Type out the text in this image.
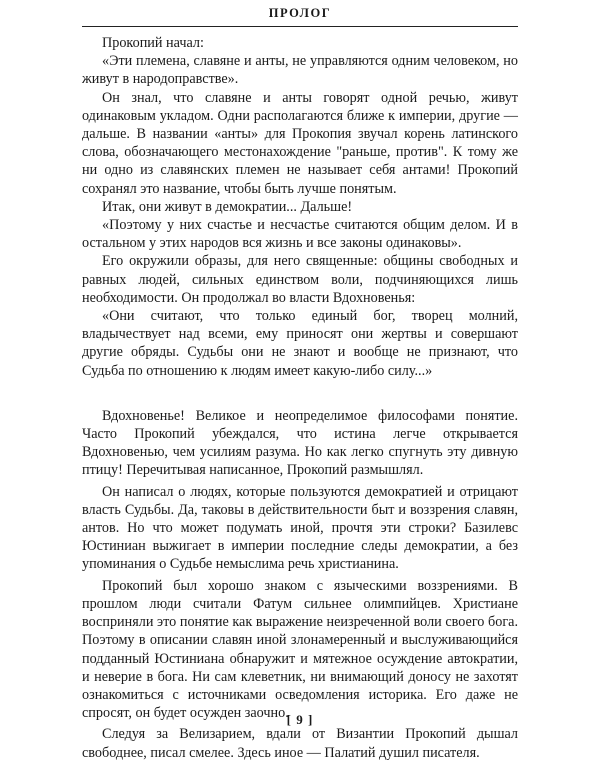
ПРОЛОГ

Прокопий начал:

«Эти племена, славяне и анты, не управляются одним человеком, но живут в народоправстве».

Он знал, что славяне и анты говорят одной речью, живут одинаковым укладом. Одни располагаются ближе к империи, другие — дальше. В названии «анты» для Прокопия звучал корень латинского слова, обозначающего местонахождение "раньше, против". К тому же ни одно из славянских племен не называет себя антами! Прокопий сохранял это название, чтобы быть лучше понятым.

Итак, они живут в демократии... Дальше!

«Поэтому у них счастье и несчастье считаются общим делом. И в остальном у этих народов вся жизнь и все законы одинаковы».

Его окружили образы, для него священные: общины свободных и равных людей, сильных единством воли, подчиняющихся лишь необходимости. Он продолжал во власти Вдохновенья:

«Они считают, что только единый бог, творец молний, владычествует над всеми, ему приносят они жертвы и совершают другие обряды. Судьбы они не знают и вообще не признают, что Судьба по отношению к людям имеет какую-либо силу...»

Вдохновенье! Великое и неопределимое философами понятие. Часто Прокопий убеждался, что истина легче открывается Вдохновенью, чем усилиям разума. Но как легко спугнуть эту дивную птицу! Перечитывая написанное, Прокопий размышлял.

Он написал о людях, которые пользуются демократией и отрицают власть Судьбы. Да, таковы в действительности быт и воззрения славян, антов. Но что может подумать иной, прочтя эти строки? Базилевс Юстиниан выжигает в империи последние следы демократии, а без упоминания о Судьбе немыслима речь христианина.

Прокопий был хорошо знаком с языческими воззрениями. В прошлом люди считали Фатум сильнее олимпийцев. Христиане восприняли это понятие как выражение неизреченной воли своего бога. Поэтому в описании славян иной злонамеренный и выслуживающийся подданный Юстиниана обнаружит и мятежное осуждение автократии, и неверие в бога. Ни сам клеветник, ни внимающий доносу не захотят ознакомиться с источниками осведомления историка. Его даже не спросят, он будет осужден заочно.

Следуя за Велизарием, вдали от Византии Прокопий дышал свободнее, писал смелее. Здесь иное — Палатий душил писателя.

[ 9 ]
